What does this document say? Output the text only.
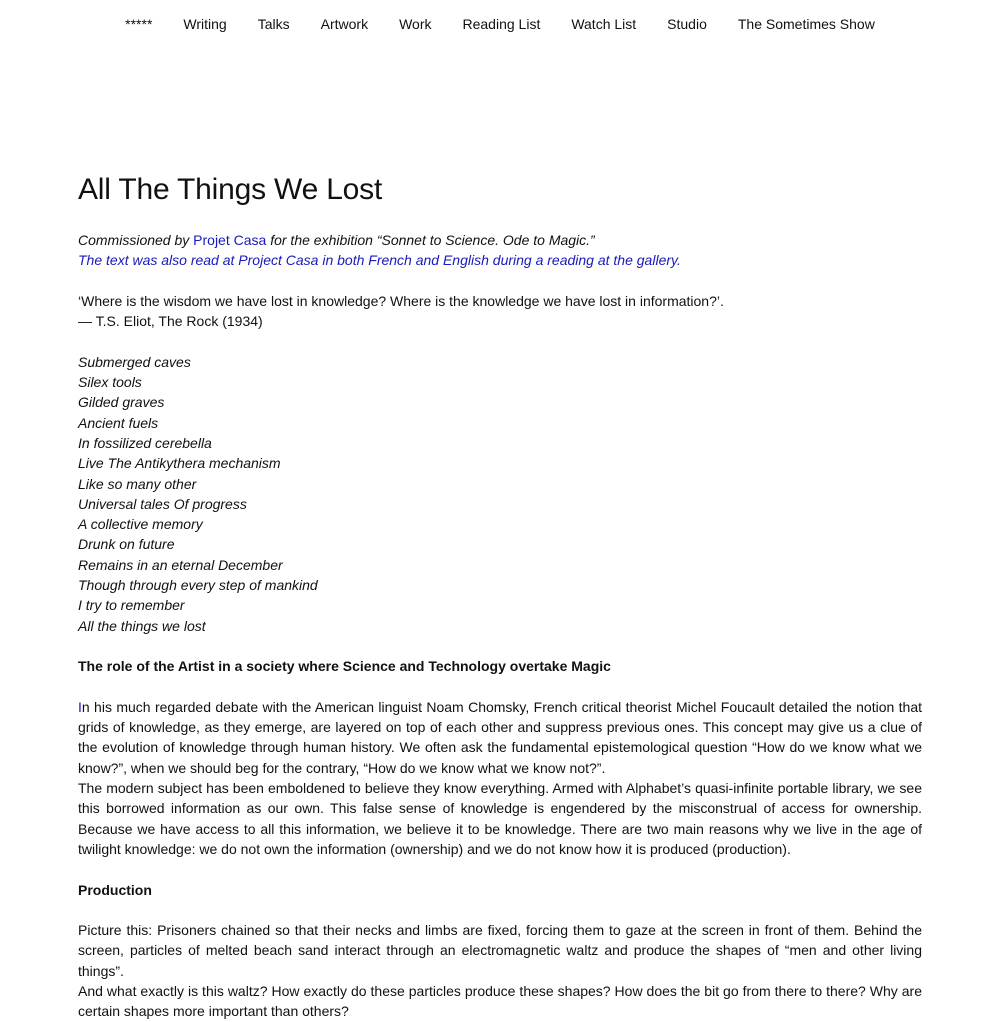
***** Writing Talks Artwork Work Reading List Watch List Studio The Sometimes Show
All The Things We Lost

Commissioned by Projet Casa for the exhibition “Sonnet to Science. Ode to Magic.”

The text was also read at Project Casa in both French and English during a reading at the gallery.

‘Where is the wisdom we have lost in knowledge? Where is the knowledge we have lost in information?’.

— T.S. Eliot, The Rock (1934)

Submerged caves
Silex tools
Gilded graves
Ancient fuels
In fossilized cerebella
Live The Antikythera mechanism
Like so many other
Universal tales Of progress
A collective memory
Drunk on future
Remains in an eternal December
Though through every step of mankind
I try to remember
All the things we lost
The role of the Artist in a society where Science and Technology overtake Magic

In his much regarded debate with the American linguist Noam Chomsky, French critical theorist Michel Foucault detailed the notion that grids of knowledge, as they emerge, are layered on top of each other and suppress previous ones. This concept may give us a clue of the evolution of knowledge through human history. We often ask the fundamental epistemological question “How do we know what we know?”, when we should beg for the contrary, “How do we know what we know not?”.

The modern subject has been emboldened to believe they know everything. Armed with Alphabet’s quasi-infinite portable library, we see this borrowed information as our own. This false sense of knowledge is engendered by the misconstrual of access for ownership. Because we have access to all this information, we believe it to be knowledge. There are two main reasons why we live in the age of twilight knowledge: we do not own the information (ownership) and we do not know how it is produced (production).

Production

Picture this: Prisoners chained so that their necks and limbs are fixed, forcing them to gaze at the screen in front of them. Behind the screen, particles of melted beach sand interact through an electromagnetic waltz and produce the shapes of “men and other living things”.

And what exactly is this waltz? How exactly do these particles produce these shapes? How does the bit go from there to there? Why are certain shapes more important than others?
